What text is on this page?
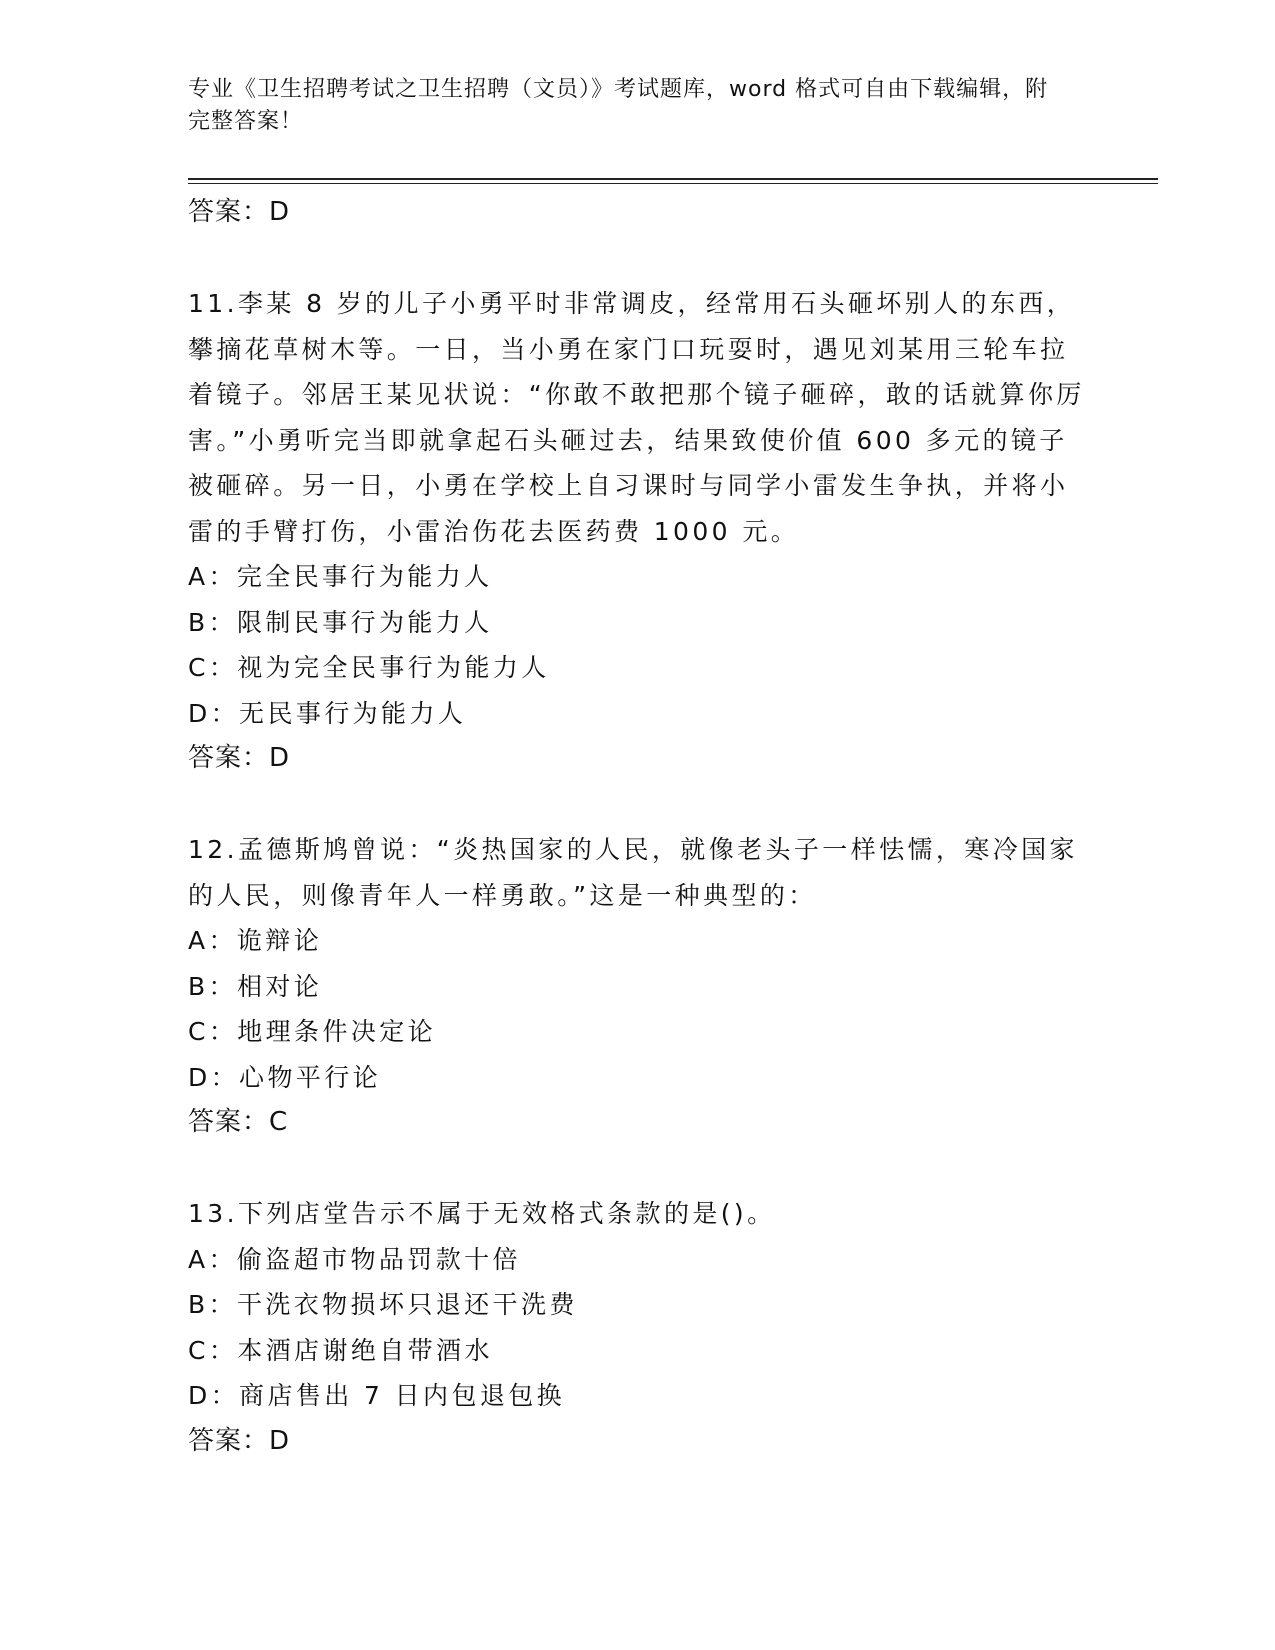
专业《卫生招聘考试之卫生招聘（文员）》考试题库，word 格式可自由下载编辑，附完整答案！
答案：D
11.李某 8 岁的儿子小勇平时非常调皮，经常用石头砸坏别人的东西，攀摘花草树木等。一日，当小勇在家门口玩耍时，遇见刘某用三轮车拉着镜子。邻居王某见状说：“你敢不敢把那个镜子砸碎，敢的话就算你厉害。”小勇听完当即就拿起石头砸过去，结果致使价值 600 多元的镜子被砸碎。另一日，小勇在学校上自习课时与同学小雷发生争执，并将小雷的手臂打伤，小雷治伤花去医药费 1000 元。
A：完全民事行为能力人
B：限制民事行为能力人
C：视为完全民事行为能力人
D：无民事行为能力人
答案：D
12.孟德斯鸠曾说：“炎热国家的人民，就像老头子一样怯懦，寒冷国家的人民，则像青年人一样勇敢。”这是一种典型的：
A：诡辩论
B：相对论
C：地理条件决定论
D：心物平行论
答案：C
13.下列店堂告示不属于无效格式条款的是()。
A：偷盗超市物品罚款十倍
B：干洗衣物损坏只退还干洗费
C：本酒店谢绝自带酒水
D：商店售出 7 日内包退包换
答案：D
